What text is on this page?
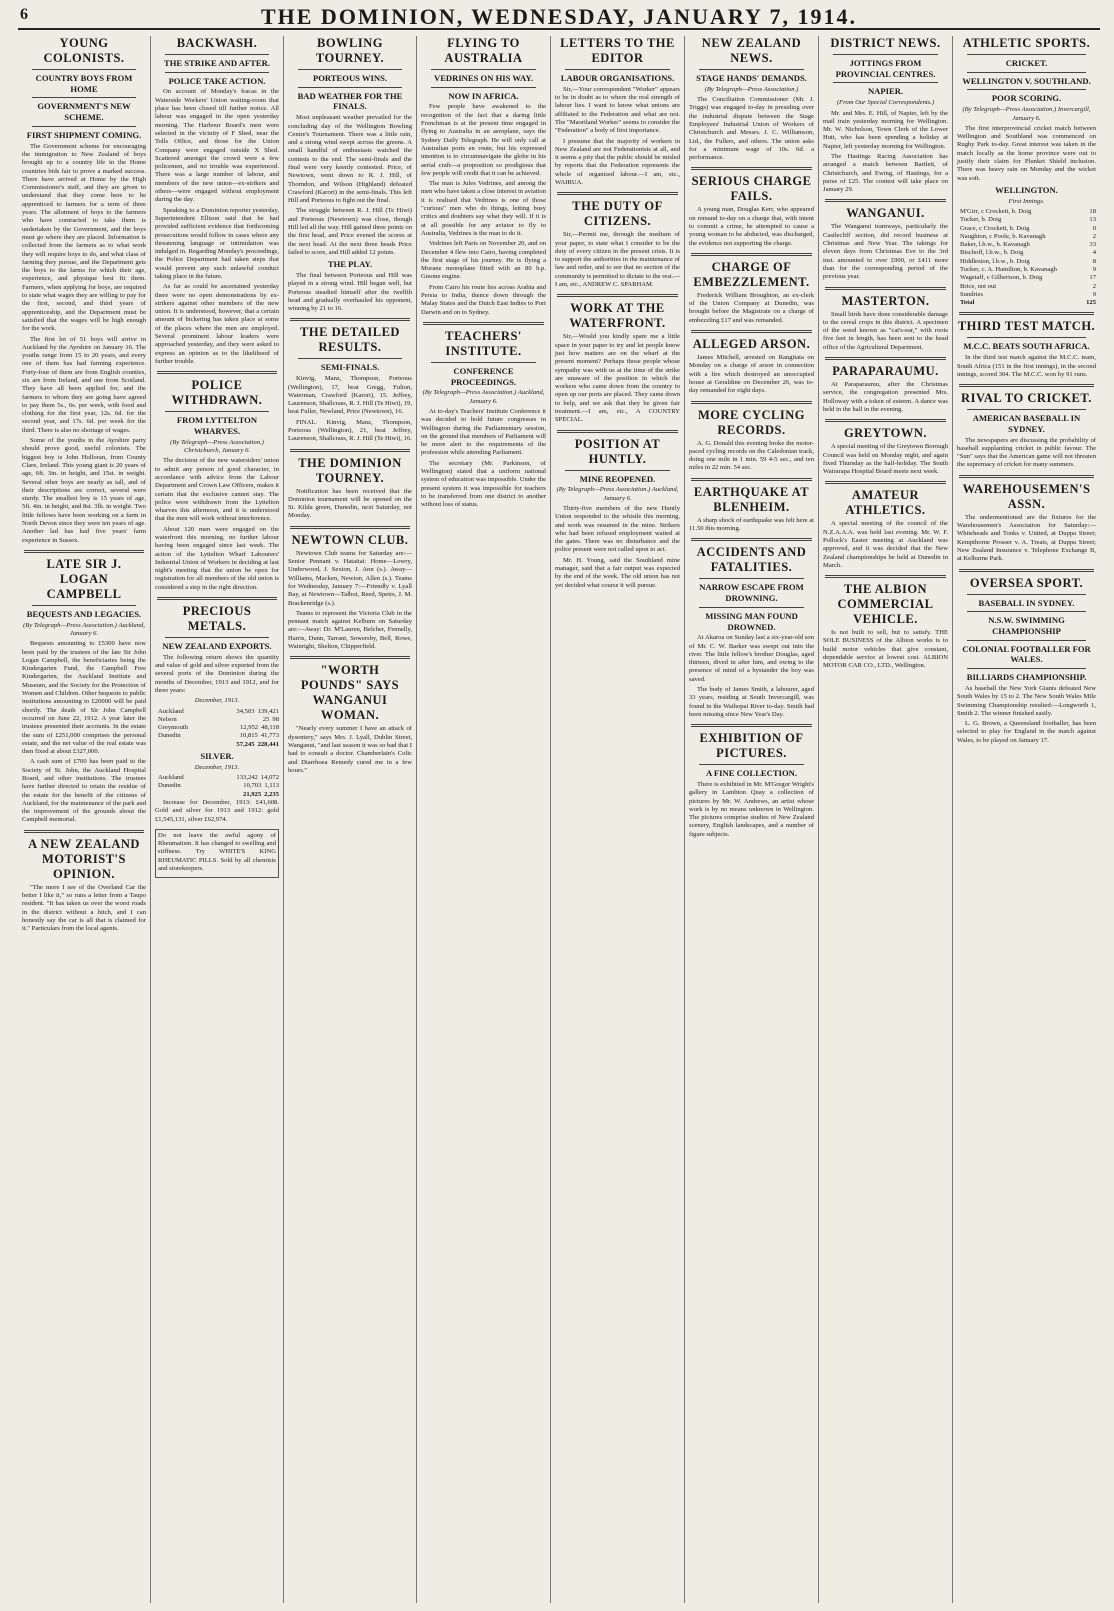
6	THE DOMINION, WEDNESDAY, JANUARY 7, 1914.
YOUNG COLONISTS.
COUNTRY BOYS FROM HOME
GOVERNMENT'S NEW SCHEME.
FIRST SHIPMENT COMING.

The Government scheme for encouraging the immigration to New Zealand of boys brought up to a country life in the Home countries bids fair to prove a marked success. There have arrived at Home by the High Commissioner's staff, and they are given to understand that they come here to be apprenticed to farmers for a term of three years. The allotment of boys to the farmers who have contracted to take them is undertaken by the Government, and the boys must go where they are placed. Information is collected from the farmers as to what work they will require boys to do, and what class of farming they pursue, and the Department gets the boys to the farms for which their age, experience, and physique best fit them. Farmers, when applying for boys, are required to state what wages they are willing to pay for the first, second, and third years of apprenticeship, and the Department must be satisfied that the wages will be high enough for the work.

The first lot of 51 boys will arrive in Auckland by the Ayrshire on January 16. The youths range from 15 to 20 years, and every one of them has had farming experience. Forty-four of them are from English counties, six are from Ireland, and one from Scotland. They have all been applied for, and the farmers to whom they are going have agreed to pay them 5s., 6s. per week, with food and clothing for the first year, 12s. 6d. for the second year, and 17s. 6d. per week for the third. There is also no shortage of wages.

Some of the youths in the Ayrshire party should prove good, useful colonists. The biggest boy is John Holloran, from County Clare, Ireland. This young giant is 20 years of age, 6ft. 3in. in height, and 15st. in weight. Several other boys are nearly as tall, and of their descriptions are correct, several were sturdy. The smallest boy is 15 years of age, 5ft. 4in. in height, and 8st. 3lb. in weight. Two little fellows have been working on a farm in North Devon since they were ten years of age. Another lad has had five years' farm experience in Sussex.

LATE SIR J. LOGAN CAMPBELL
BEQUESTS AND LEGACIES.

(By Telegraph—Press Association.) Auckland, January 6.

Bequests amounting to £5300 have now been paid by the trustees of the late Sir John Logan Campbell, the beneficiaries being the Kindergarten Fund, the Campbell Free Kindergarten, the Auckland Institute and Museum, and the Society for the Protection of Women and Children. Other bequests to public institutions amounting to £20000 will be paid shortly. The death of Sir John Campbell occurred on June 22, 1912. A year later the trustees presented their accounts. In the estate the sum of £251,000 comprises the personal estate, and the net value of the real estate was then fixed at about £327,000.

A cash sum of £700 has been paid to the Society of St. John, the Auckland Hospital Board, and other institutions. The trustees have further directed to retain the residue of the estate for the benefit of the citizens of Auckland, for the maintenance of the park and the improvement of the grounds about the Campbell memorial.

A NEW ZEALAND MOTORIST'S OPINION.

"The more I see of the Overland Car the better I like it," so runs a letter from a Taupo resident. "It has taken us over the worst roads in the district without a hitch, and I can honestly say the car is all that is claimed for it." Particulars from the local agents.

BACKWASH.
THE STRIKE AND AFTER.
POLICE TAKE ACTION.

On account of Monday's fracas in the Waterside Workers' Union waiting-room that place has been closed till further notice. All labour was engaged in the open yesterday morning. The Harbour Board's men were selected in the vicinity of F Shed, near the Tolls Office, and those for the Union Company were engaged outside X Shed. Scattered amongst the crowd were a few policemen, and no trouble was experienced. There was a large number of labour, and members of the new union—ex-strikers and others—were engaged without employment during the day.

Speaking to a Dominion reporter yesterday, Superintendent Ellison said that he had provided sufficient evidence that forthcoming prosecutions would follow in cases where any threatening language or intimidation was indulged in. Regarding Monday's proceedings, the Police Department had taken steps that would prevent any such unlawful conduct taking place in the future.

As far as could be ascertained yesterday there were no open demonstrations by ex-strikers against other members of the new union. It is understood, however, that a certain amount of bickering has taken place at some of the places where the men are employed. Several prominent labour leaders were approached yesterday, and they were asked to express an opinion as to the likelihood of further trouble.

POLICE WITHDRAWN.
FROM LYTTELTON WHARVES.

(By Telegraph—Press Association.) Christchurch, January 6.

The decision of the new watersiders' union to admit any person of good character, in accordance with advice from the Labour Department and Crown Law Officers, makes it certain that the exclusive cannot stay. The police were withdrawn from the Lyttelton wharves this afternoon, and it is understood that the men will work without interference.

About 120 men were engaged on the waterfront this morning, no further labour having been engaged since last week. The action of the Lyttelton Wharf Labourers' Industrial Union of Workers in deciding at last night's meeting that the union be open for registration for all members of the old union is considered a step in the right direction.

PRECIOUS METALS.
NEW ZEALAND EXPORTS.

The following return shows the quantity and value of gold and silver exported from the several ports of the Dominion during the months of December, 1913 and 1912, and for three years:

December, 1913.

Auckland	34,503 139,421
Nelson	25 98
Greymouth	12,952 48,118
Dunedin	10,815 41,773
57,245 228,441
SILVER.

December, 1913.

Auckland	133,242 14,072
Dunedin	10,703 1,113
21,925 2,235

Increase for December, 1913: £41,608. Gold and silver for 1913 and 1912: gold £1,545,131, silver £62,974.

Do not leave the awful agony of Rheumatism. It has changed to swelling and stiffness. Try WHITE'S KING RHEUMATIC PILLS. Sold by all chemists and storekeepers.

BOWLING TOURNEY.
PORTEOUS WINS.
BAD WEATHER FOR THE FINALS.

Most unpleasant weather prevailed for the concluding day of the Wellington Bowling Centre's Tournament. There was a little rain, and a strong wind swept across the greens. A small handful of enthusiasts watched the contests to the end. The semi-finals and the final were very keenly contested. Price, of Newtown, went down to R. J. Hill, of Thorndon, and Wilson (Highland) defeated Crawford (Karori) in the semi-finals. This left Hill and Porteous to fight out the final.

The struggle between R. J. Hill (Te Hiwi) and Porteous (Newtown) was close, though Hill led all the way. Hill gained three points on the first head, and Price evened the scores at the next head. At the next three heads Price failed to score, and Hill added 12 points.

THE PLAY.

The final between Porteous and Hill was played in a strong wind. Hill began well, but Porteous steadied himself after the twelfth head and gradually overhauled his opponent, winning by 21 to 16.

THE DETAILED RESULTS.
SEMI-FINALS.

Kinvig, Manz, Thompson, Porteous (Wellington), 17, beat Gregg, Fulton, Waterman, Crawford (Karori), 15. Jeffrey, Laurenson, Shallcrass, R. J. Hill (Te Hiwi), 19, beat Fuller, Newland, Price (Newtown), 16.

FINAL. Kinvig, Manz, Thompson, Porteous (Wellington), 21, beat Jeffrey, Laurenson, Shallcrass, R. J. Hill (Te Hiwi), 16.

THE DOMINION TOURNEY.

Notification has been received that the Dominion tournament will be opened on the St. Kilda green, Dunedin, next Saturday, not Monday.

NEWTOWN CLUB.

Newtown Club teams for Saturday are:—Senior Pennant v. Hataitai: Home—Lowry, Underwood, J. Sexton, J. Ann (s.). Away—Williams, Macken, Newton, Allen (s.). Teams for Wednesday, January 7:—Friendly v. Lyall Bay, at Newtown—Talbot, Reed, Speirs, J. M. Brackenridge (s.).

Teams to represent the Victoria Club in the pennant match against Kelburn on Saturday are:—Away: Dr. M'Lauren, Belcher, Fennelly, Harris, Dunn, Tarrant, Sowersby, Bell, Rowe, Wainright, Shelton, Chipperfield.

"WORTH POUNDS" SAYS WANGANUI WOMAN.

"Nearly every summer I have an attack of dysentery," says Mrs. J. Lyall, Dublin Street, Wanganui, "and last season it was so bad that I had to consult a doctor. Chamberlain's Colic and Diarrhoea Remedy cured me in a few hours."

FLYING TO AUSTRALIA
VEDRINES ON HIS WAY.
NOW IN AFRICA.

Few people have awakened to the recognition of the fact that a daring little Frenchman is at the present time engaged in flying to Australia in an aeroplane, says the Sydney Daily Telegraph. He will only call at Australian ports en route, but his expressed intention is to circumnavigate the globe in his aerial craft—a proposition so prodigious that few people will credit that it can be achieved.

The man is Jules Vedrines, and among the men who have taken a close interest in aviation it is realised that Vedrines is one of those "curious" men who do things, letting busy critics and doubters say what they will. If it is at all possible for any aviator to fly to Australia, Vedrines is the man to do it.

Vedrines left Paris on November 20, and on December 4 flew into Cairo, having completed the first stage of his journey. He is flying a Morane monoplane fitted with an 80 h.p. Gnome engine.

From Cairo his route lies across Arabia and Persia to India, thence down through the Malay States and the Dutch East Indies to Port Darwin and on to Sydney.

TEACHERS' INSTITUTE.
CONFERENCE PROCEEDINGS.

(By Telegraph—Press Association.) Auckland, January 6.

At to-day's Teachers' Institute Conference it was decided to hold future congresses in Wellington during the Parliamentary session, on the ground that members of Parliament will be more alert to the requirements of the profession while attending Parliament.

The secretary (Mr. Parkinson, of Wellington) stated that a uniform national system of education was impossible. Under the present system it was impossible for teachers to be transferred from one district to another without loss of status.

LETTERS TO THE EDITOR
LABOUR ORGANISATIONS.

Sir,—Your correspondent "Worker" appears to be in doubt as to where the real strength of labour lies. I want to know what unions are affiliated to the Federation and what are not. The "Maoriland Worker" seems to consider the "Federation" a body of first importance.

I presume that the majority of workers in New Zealand are not Federationists at all, and it seems a pity that the public should be misled by reports that the Federation represents the whole of organised labour.—I am, etc., WAIRUA.

THE DUTY OF CITIZENS.

Sir,—Permit me, through the medium of your paper, to state what I consider to be the duty of every citizen in the present crisis. It is to support the authorities in the maintenance of law and order, and to see that no section of the community is permitted to dictate to the rest.—I am, etc., ANDREW C. SPARHAM.

WORK AT THE WATERFRONT.

Sir,—Would you kindly spare me a little space in your paper to try and let people know just how matters are on the wharf at the present moment? Perhaps those people whose sympathy was with us at the time of the strike are unaware of the position in which the workers who came down from the country to open up our ports are placed. They came down to help, and we ask that they be given fair treatment.—I am, etc., A COUNTRY SPECIAL.

POSITION AT HUNTLY.
MINE REOPENED.

(By Telegraph—Press Association.) Auckland, January 6.

Thirty-five members of the new Huntly Union responded to the whistle this morning, and work was resumed in the mine. Strikers who had been refused employment waited at the gates. There was no disturbance and the police present were not called upon to act.

Mr. H. Young, said the Southland mine manager, said that a fair output was expected by the end of the week. The old union has not yet decided what course it will pursue.

NEW ZEALAND NEWS.
STAGE HANDS' DEMANDS.

(By Telegraph—Press Association.)

The Conciliation Commissioner (Mr. J. Triggs) was engaged to-day in presiding over the industrial dispute between the Stage Employees' Industrial Union of Workers of Christchurch and Messrs. J. C. Williamson, Ltd., the Fullers, and others. The union asks for a minimum wage of 10s. 6d. a performance.

SERIOUS CHARGE FAILS.

A young man, Douglas Kerr, who appeared on remand to-day on a charge that, with intent to commit a crime, he attempted to cause a young woman to be abducted, was discharged, the evidence not supporting the charge.

CHARGE OF EMBEZZLEMENT.

Frederick William Broughton, an ex-clerk of the Union Company at Dunedin, was brought before the Magistrate on a charge of embezzling £17 and was remanded.

ALLEGED ARSON.

James Mitchell, arrested on Rangitata on Monday on a charge of arson in connection with a fire which destroyed an unoccupied house at Geraldine on December 26, was to-day remanded for eight days.

MORE CYCLING RECORDS.

A. G. Donald this evening broke the motor-paced cycling records on the Caledonian track, doing one mile in 1 min. 59 4-5 sec., and ten miles in 22 min. 54 sec.

EARTHQUAKE AT BLENHEIM.

A sharp shock of earthquake was felt here at 11.50 this morning.

ACCIDENTS AND FATALITIES.
NARROW ESCAPE FROM DROWNING.
MISSING MAN FOUND DROWNED.

At Akaroa on Sunday last a six-year-old son of Mr. C. W. Barker was swept out into the river. The little fellow's brother Douglas, aged thirteen, dived in after him, and owing to the presence of mind of a bystander the boy was saved.

The body of James Smith, a labourer, aged 33 years, residing at South Invercargill, was found in the Waihopai River to-day. Smith had been missing since New Year's Day.

EXHIBITION OF PICTURES.
A FINE COLLECTION.

There is exhibited in Mr. M'Gregor Wright's gallery in Lambton Quay a collection of pictures by Mr. W. Andrews, an artist whose work is by no means unknown in Wellington. The pictures comprise studies of New Zealand scenery, English landscapes, and a number of figure subjects.

DISTRICT NEWS.
JOTTINGS FROM PROVINCIAL CENTRES.
NAPIER.

(From Our Special Correspondents.)

Mr. and Mrs. E. Hill, of Napier, left by the mail train yesterday morning for Wellington. Mr. W. Nicholson, Town Clerk of the Lower Hutt, who has been spending a holiday at Napier, left yesterday morning for Wellington.

The Hastings Racing Association has arranged a match between Bartlett, of Christchurch, and Ewing, of Hastings, for a purse of £25. The contest will take place on January 29.

WANGANUI.

The Wanganui tramways, particularly the Castlecliff section, did record business at Christmas and New Year. The takings for eleven days from Christmas Eve to the 3rd inst. amounted to over £900, or £411 more than for the corresponding period of the previous year.

MASTERTON.

Small birds have done considerable damage to the cereal crops in this district. A specimen of the weed known as "cat's-ear," with roots five feet in length, has been sent to the head office of the Agricultural Department.

PARAPARAUMU.

At Paraparaumu, after the Christmas service, the congregation presented Mrs. Holloway with a token of esteem. A dance was held in the hall in the evening.

GREYTOWN.

A special meeting of the Greytown Borough Council was held on Monday night, and again fixed Thursday as the half-holiday. The South Wairarapa Hospital Board meets next week.

AMATEUR ATHLETICS.

A special meeting of the council of the N.Z.A.A.A. was held last evening. Mr. W. F. Pollock's Easter meeting at Auckland was approved, and it was decided that the New Zealand championships be held at Dunedin in March.

THE ALBION COMMERCIAL VEHICLE.

Is not built to sell, but to satisfy. THE SOLE BUSINESS of the Albion works is to build motor vehicles that give constant, dependable service at lowest cost. ALBION MOTOR CAR CO., LTD., Wellington.

ATHLETIC SPORTS.
CRICKET.
WELLINGTON V. SOUTHLAND.
POOR SCORING.

(By Telegraph—Press Association.) Invercargill, January 6.

The first interprovincial cricket match between Wellington and Southland was commenced on Rugby Park to-day. Great interest was taken in the match locally as the home province were out to justify their claim for Plunket Shield inclusion. There was heavy rain on Monday and the wicket was soft.

WELLINGTON.

First Innings.

M'Girr, c Crockett, b. Doig	18
Tucker, b. Doig	13
Grace, c Crockett, b. Doig	0
Naughton, c Poole, b. Kavanagh	2
Baker, l.b.w., b. Kavanagh	33
Bischoff, l.b.w., b. Doig	4
Hiddleston, l.b.w., b. Doig	8
Tucker, c. A. Hamilton, b. Kavanagh	9
Wagstaff, c Gilbertson, b. Doig	17
Brice, not out	2
Sundries	9
Total	125
THIRD TEST MATCH.
M.C.C. BEATS SOUTH AFRICA.

In the third test match against the M.C.C. team, South Africa (151 in the first innings), in the second innings, scored 304. The M.C.C. won by 91 runs.

RIVAL TO CRICKET.
AMERICAN BASEBALL IN SYDNEY.

The newspapers are discussing the probability of baseball supplanting cricket in public favour. The "Sun" says that the American game will not threaten the supremacy of cricket for many summers.

WAREHOUSEMEN'S ASSN.

The undermentioned are the fixtures for the Warehousemen's Association for Saturday:—Whiteheads and Tonks v. United, at Duppa Street; Kempthorne Prosser v. A. Treats, at Duppa Street; New Zealand Insurance v. Telephone Exchange B, at Kelburne Park.

OVERSEA SPORT.
BASEBALL IN SYDNEY.
N.S.W. SWIMMING CHAMPIONSHIP
COLONIAL FOOTBALLER FOR WALES.
BILLIARDS CHAMPIONSHIP.

As baseball the New York Giants defeated New South Wales by 15 to 2. The New South Wales Mile Swimming Championship resulted:—Longworth 1, Smith 2. The winner finished easily.

L. G. Brown, a Queensland footballer, has been selected to play for England in the match against Wales, to be played on January 17.
